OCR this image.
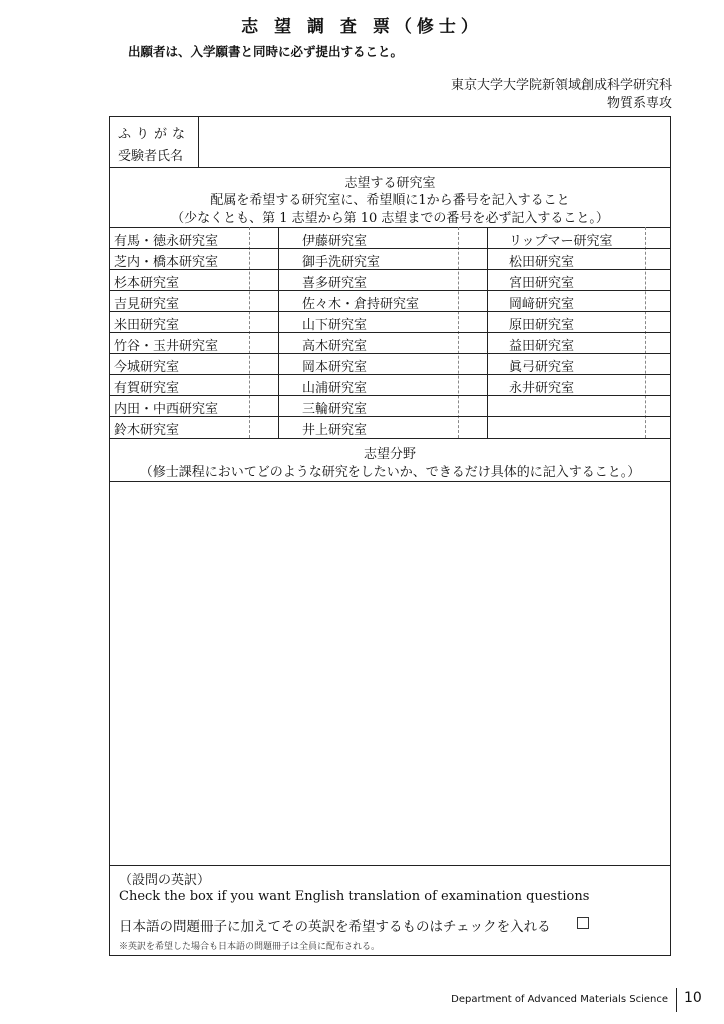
志 望 調 査 票（修士）
出願者は、入学願書と同時に必ず提出すること。
東京大学大学院新領域創成科学研究科
物質系専攻
ふりがな
受験者氏名
志望する研究室
配属を希望する研究室に、希望順に1から番号を記入すること
（少なくとも、第 1 志望から第 10 志望までの番号を必ず記入すること。）
有馬・徳永研究室
芝内・橋本研究室
杉本研究室
吉見研究室
米田研究室
竹谷・玉井研究室
今城研究室
有賀研究室
内田・中西研究室
鈴木研究室
伊藤研究室
御手洗研究室
喜多研究室
佐々木・倉持研究室
山下研究室
高木研究室
岡本研究室
山浦研究室
三輪研究室
井上研究室
リップマー研究室
松田研究室
宮田研究室
岡﨑研究室
原田研究室
益田研究室
眞弓研究室
永井研究室
志望分野
（修士課程においてどのような研究をしたいか、できるだけ具体的に記入すること。）
（設問の英訳）
Check the box if you want English translation of examination questions
日本語の問題冊子に加えてその英訳を希望するものはチェックを入れる
※英訳を希望した場合も日本語の問題冊子は全員に配布される。
Department of Advanced Materials Science 10
